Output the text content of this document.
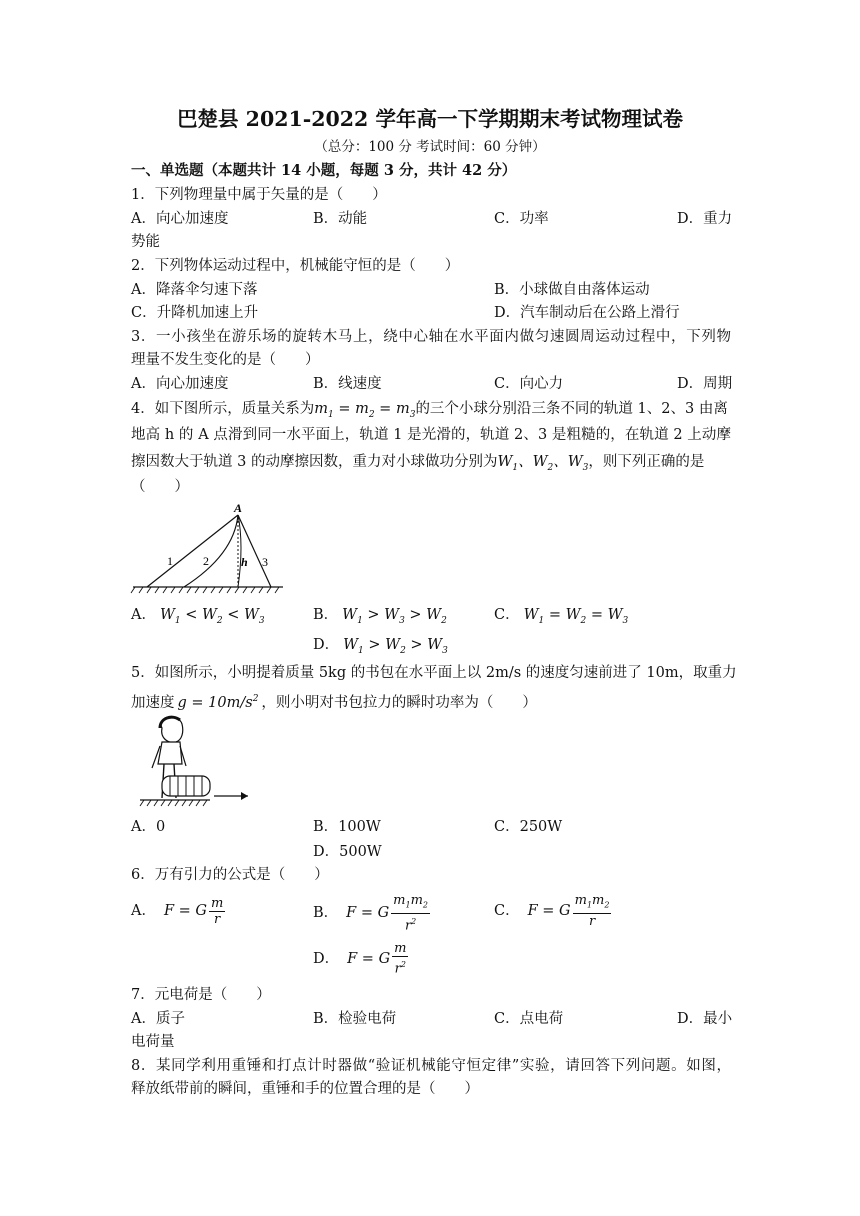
巴楚县 2021-2022 学年高一下学期期末考试物理试卷
（总分：100 分 考试时间：60 分钟）
一、单选题（本题共计 14 小题，每题 3 分，共计 42 分）
1．下列物理量中属于矢量的是（　　）
A．向心加速度	B．动能	C．功率	D．重力
势能
2．下列物体运动过程中，机械能守恒的是（　　）
A．降落伞匀速下落	B．小球做自由落体运动
C．升降机加速上升	D．汽车制动后在公路上滑行
3．一小孩坐在游乐场的旋转木马上，绕中心轴在水平面内做匀速圆周运动过程中，下列物
理量不发生变化的是（　　）
A．向心加速度	B．线速度	C．向心力	D．周期
4．如下图所示，质量关系为$m_1 = m_2 = m_3$的三个小球分别沿三条不同的轨道 1、2、3 由离
地高 h 的 A 点滑到同一水平面上，轨道 1 是光滑的，轨道 2、3 是粗糙的，在轨道 2 上动摩
擦因数大于轨道 3 的动摩擦因数，重力对小球做功分别为$W_1$、$W_2$、$W_3$，则下列正确的是
（　　）
A
1	2	h 3
A． $W_1 < W_2 < W_3$	B． $W_1 > W_3 > W_2$	C． $W_1 = W_2 = W_3$
D． $W_1 > W_2 > W_3$
5．如图所示，小明提着质量 5kg 的书包在水平面上以 2m/s 的速度匀速前进了 10m，取重力
加速度 $g = 10m/s^2$ ，则小明对书包拉力的瞬时功率为（　　）
A．0	B．100W	C．250W
D．500W
6．万有引力的公式是（　　）
A． F = G $\frac{m}{r}$	B． F = G $\frac{m_1m_2}{r^2}$	C． F = G $\frac{m_1m_2}{r}$
D． F = G $\frac{m}{r^2}$
7．元电荷是（　　）
A．质子	B．检验电荷	C．点电荷	D．最小
电荷量
8．某同学利用重锤和打点计时器做“验证机械能守恒定律”实验，请回答下列问题。如图，
释放纸带前的瞬间，重锤和手的位置合理的是（　　）
